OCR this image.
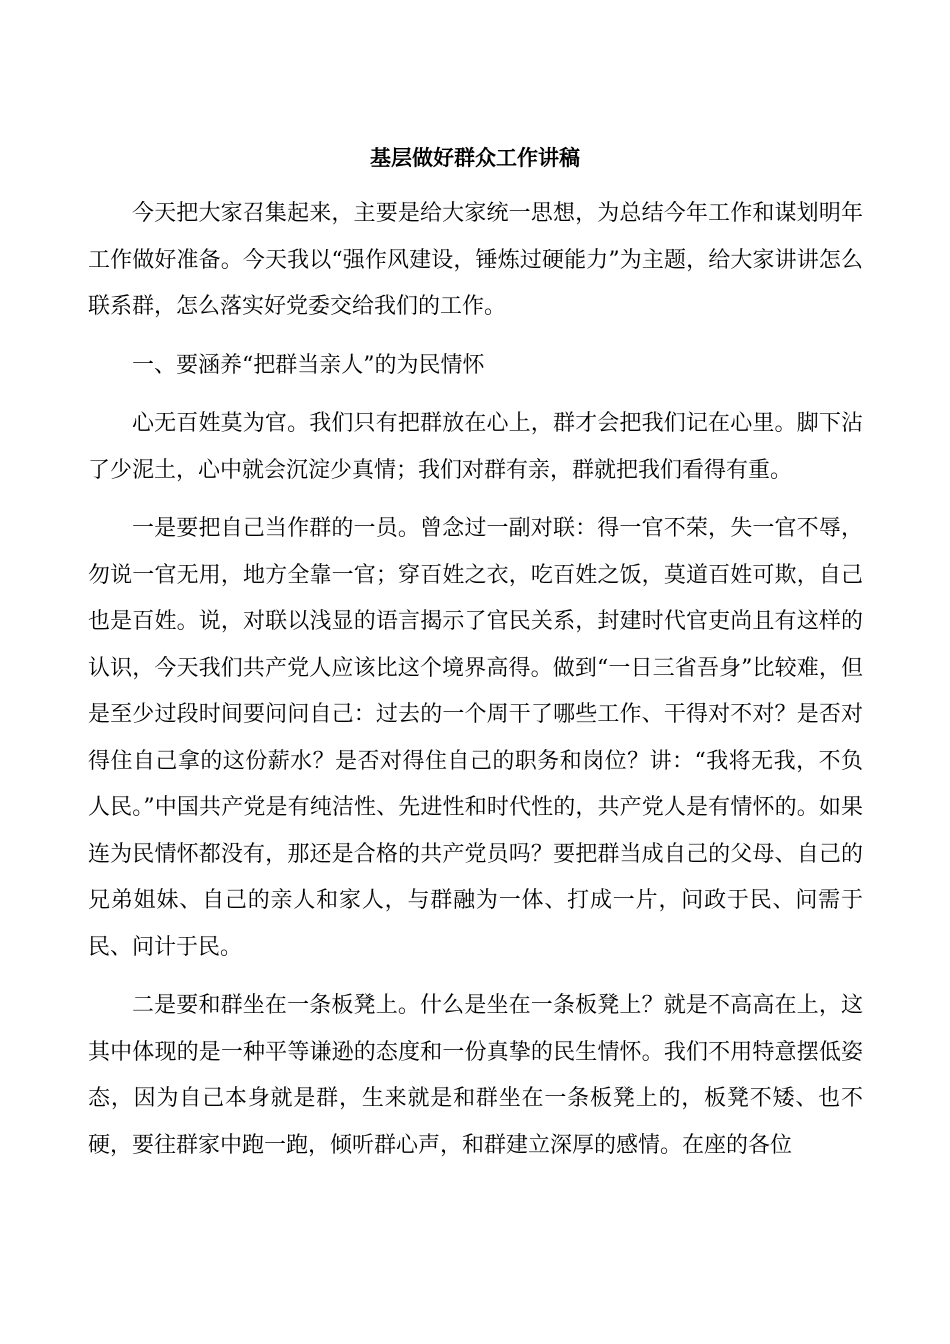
基层做好群众工作讲稿

今天把大家召集起来，主要是给大家统一思想，为总结今年工作和谋划明年工作做好准备。今天我以“强作风建设，锤炼过硬能力”为主题，给大家讲讲怎么联系群，怎么落实好党委交给我们的工作。

一、要涵养“把群当亲人”的为民情怀

心无百姓莫为官。我们只有把群放在心上，群才会把我们记在心里。脚下沾了少泥土，心中就会沉淀少真情；我们对群有亲，群就把我们看得有重。

一是要把自己当作群的一员。曾念过一副对联：得一官不荣，失一官不辱，勿说一官无用，地方全靠一官；穿百姓之衣，吃百姓之饭，莫道百姓可欺，自己也是百姓。说，对联以浅显的语言揭示了官民关系，封建时代官吏尚且有这样的认识，今天我们共产党人应该比这个境界高得。做到“一日三省吾身”比较难，但是至少过段时间要问问自己：过去的一个周干了哪些工作、干得对不对？是否对得住自己拿的这份薪水？是否对得住自己的职务和岗位？讲：“我将无我，不负人民。”中国共产党是有纯洁性、先进性和时代性的，共产党人是有情怀的。如果连为民情怀都没有，那还是合格的共产党员吗？要把群当成自己的父母、自己的兄弟姐妹、自己的亲人和家人，与群融为一体、打成一片，问政于民、问需于民、问计于民。

二是要和群坐在一条板凳上。什么是坐在一条板凳上？就是不高高在上，这其中体现的是一种平等谦逊的态度和一份真挚的民生情怀。我们不用特意摆低姿态，因为自己本身就是群，生来就是和群坐在一条板凳上的，板凳不矮、也不硬，要往群家中跑一跑，倾听群心声，和群建立深厚的感情。在座的各位
